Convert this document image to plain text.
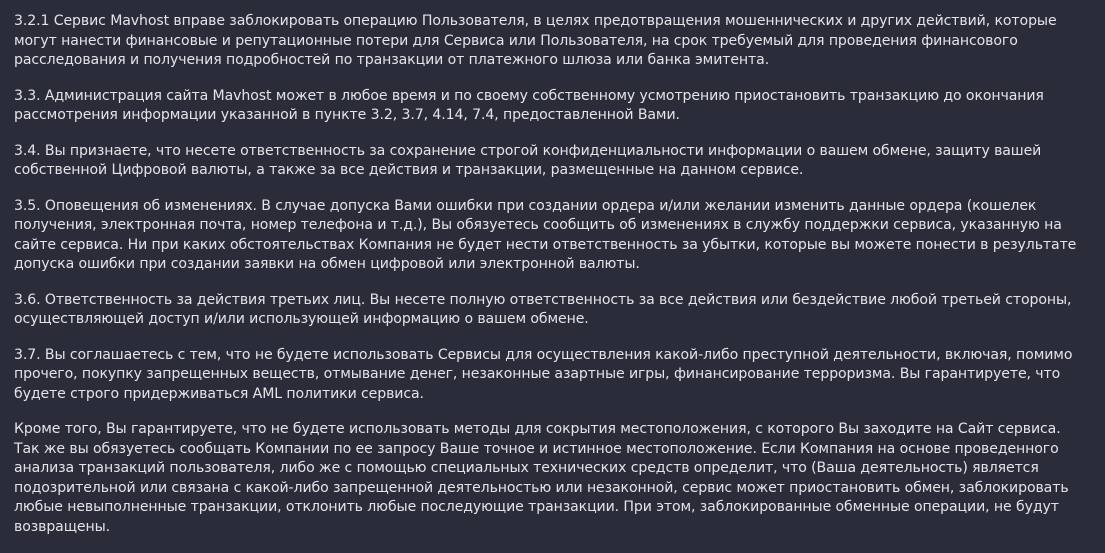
3.2.1 Сервис Mavhost вправе заблокировать операцию Пользователя, в целях предотвращения мошеннических и других действий, которые могут нанести финансовые и репутационные потери для Сервиса или Пользователя, на срок требуемый для проведения финансового расследования и получения подробностей по транзакции от платежного шлюза или банка эмитента.

3.3. Администрация сайта Mavhost может в любое время и по своему собственному усмотрению приостановить транзакцию до окончания рассмотрения информации указанной в пункте 3.2, 3.7, 4.14, 7.4, предоставленной Вами.

3.4. Вы признаете, что несете ответственность за сохранение строгой конфиденциальности информации о вашем обмене, защиту вашей собственной Цифровой валюты, а также за все действия и транзакции, размещенные на данном сервисе.

3.5. Оповещения об изменениях. В случае допуска Вами ошибки при создании ордера и/или желании изменить данные ордера (кошелек получения, электронная почта, номер телефона и т.д.), Вы обязуетесь сообщить об изменениях в службу поддержки сервиса, указанную на сайте сервиса. Ни при каких обстоятельствах Компания не будет нести ответственность за убытки, которые вы можете понести в результате допуска ошибки при создании заявки на обмен цифровой или электронной валюты.

3.6. Ответственность за действия третьих лиц. Вы несете полную ответственность за все действия или бездействие любой третьей стороны, осуществляющей доступ и/или использующей информацию о вашем обмене.

3.7. Вы соглашаетесь с тем, что не будете использовать Сервисы для осуществления какой-либо преступной деятельности, включая, помимо прочего, покупку запрещенных веществ, отмывание денег, незаконные азартные игры, финансирование терроризма. Вы гарантируете, что будете строго придерживаться AML политики сервиса.

Кроме того, Вы гарантируете, что не будете использовать методы для сокрытия местоположения, с которого Вы заходите на Сайт сервиса. Так же вы обязуетесь сообщать Компании по ее запросу Ваше точное и истинное местоположение. Если Компания на основе проведенного анализа транзакций пользователя, либо же с помощью специальных технических средств определит, что (Ваша деятельность) является подозрительной или связана с какой-либо запрещенной деятельностью или незаконной, сервис может приостановить обмен, заблокировать любые невыполненные транзакции, отклонить любые последующие транзакции. При этом, заблокированные обменные операции, не будут возвращены.
